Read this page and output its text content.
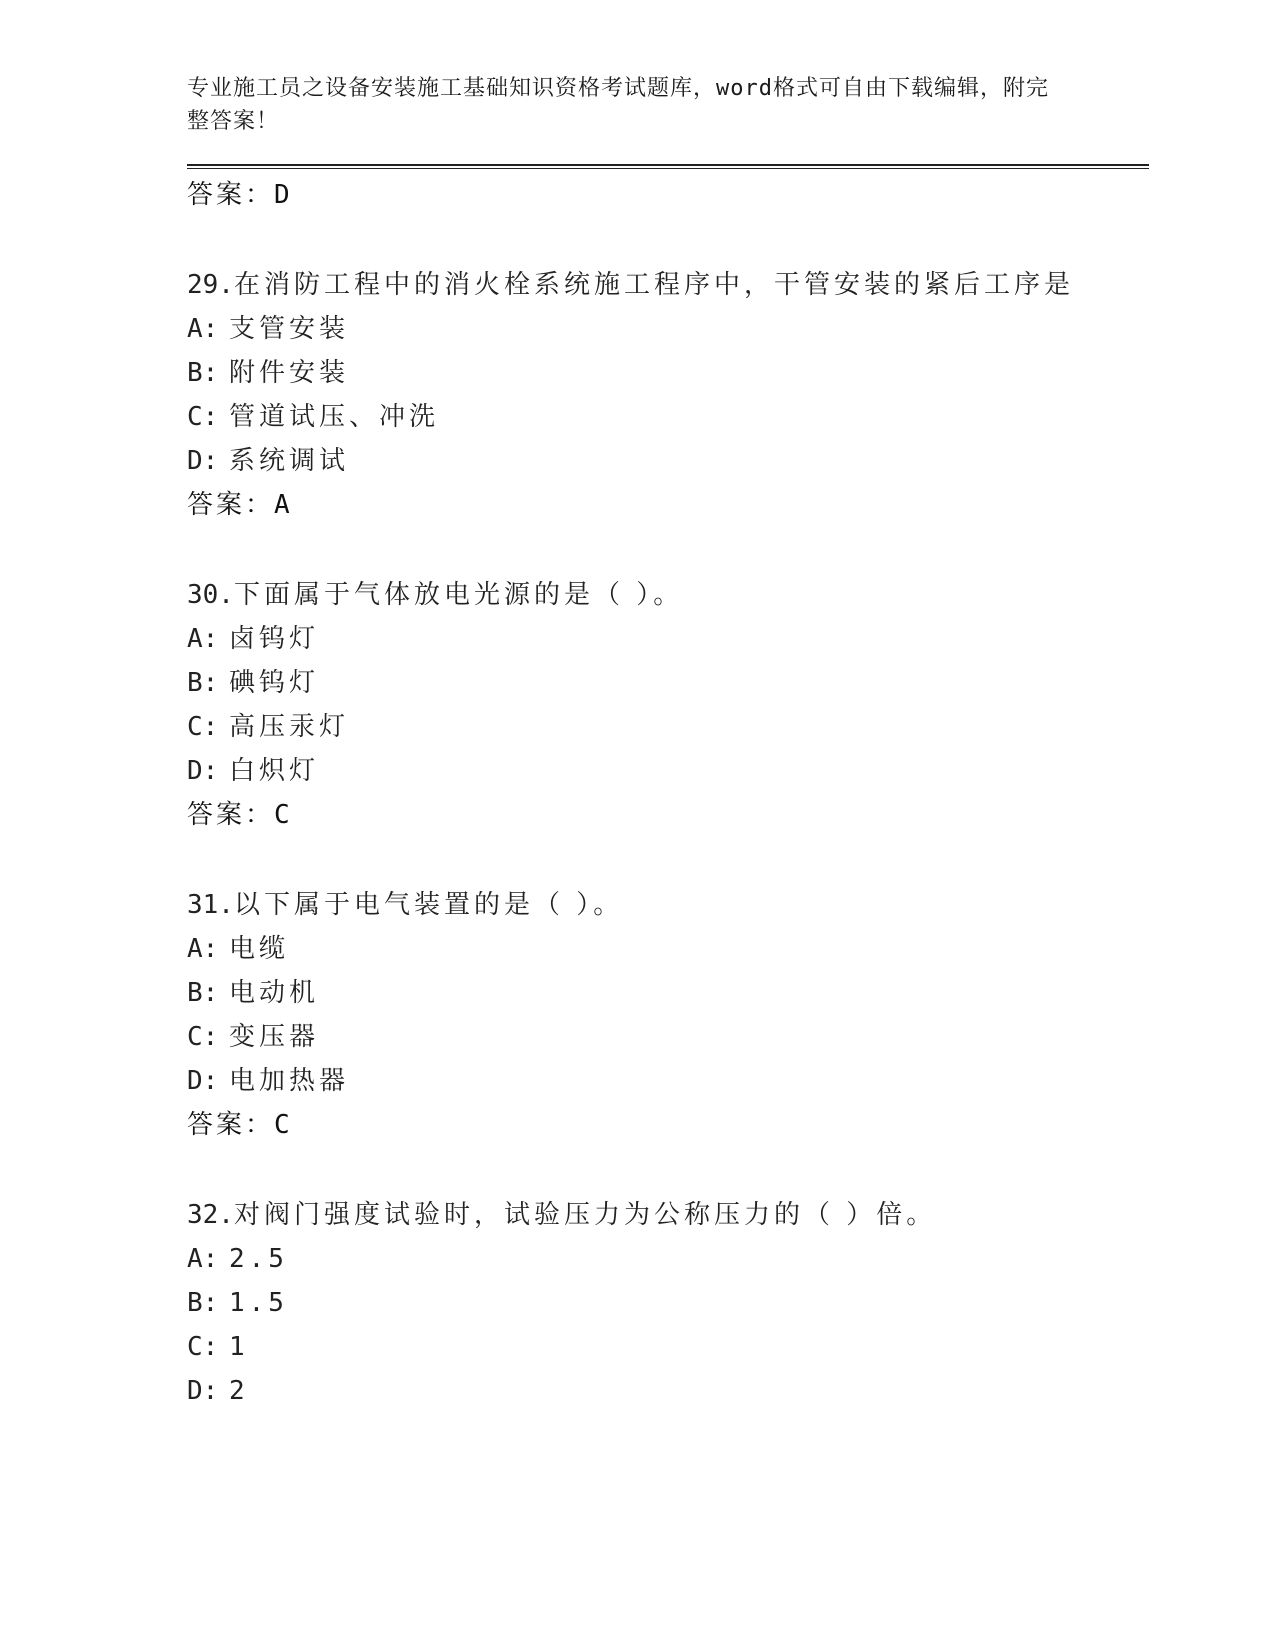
专业施工员之设备安装施工基础知识资格考试题库，word格式可自由下载编辑，附完整答案！
答案：D
29.在消防工程中的消火栓系统施工程序中，干管安装的紧后工序是
A: 支管安装
B: 附件安装
C: 管道试压、冲洗
D: 系统调试
答案：A
30.下面属于气体放电光源的是（ ）。
A: 卤钨灯
B: 碘钨灯
C: 高压汞灯
D: 白炽灯
答案：C
31.以下属于电气装置的是（ ）。
A: 电缆
B: 电动机
C: 变压器
D: 电加热器
答案：C
32.对阀门强度试验时，试验压力为公称压力的（ ）倍。
A: 2.5
B: 1.5
C: 1
D: 2
